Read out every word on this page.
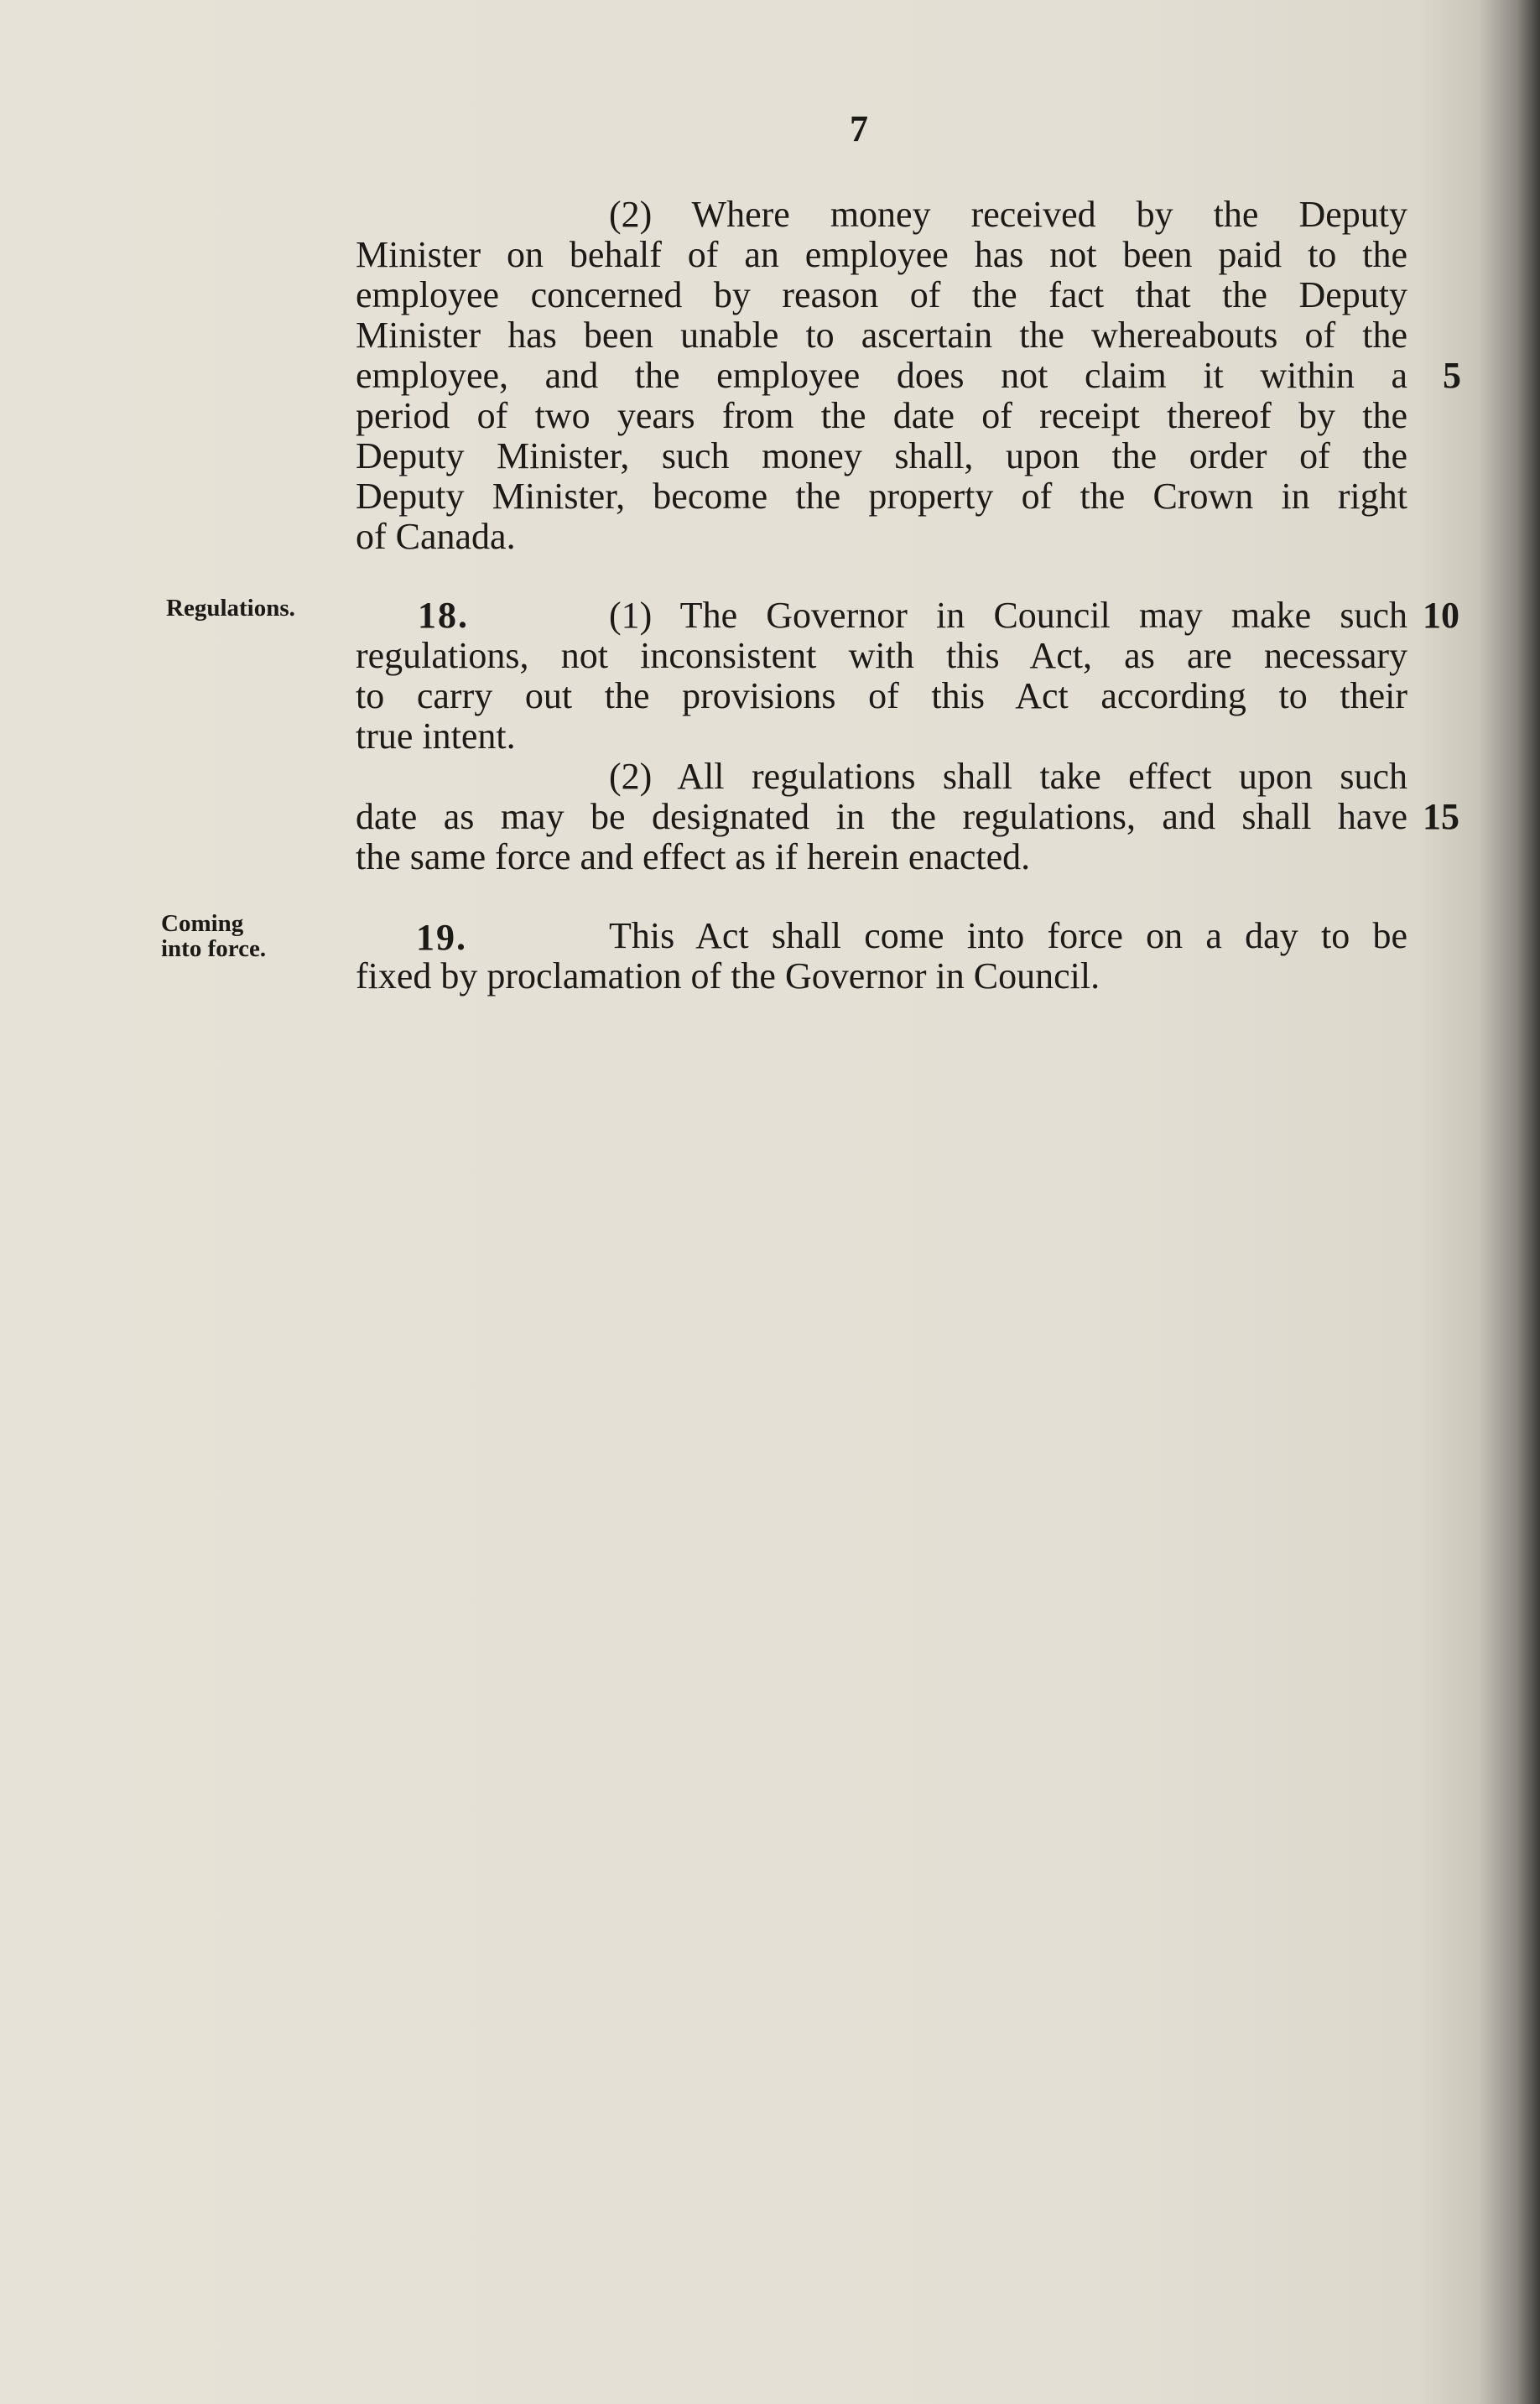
7
(2) Where money received by the Deputy
Minister on behalf of an employee has not been paid to the
employee concerned by reason of the fact that the Deputy
Minister has been unable to ascertain the whereabouts of the
employee, and the employee does not claim it within a
period of two years from the date of receipt thereof by the
Deputy Minister, such money shall, upon the order of the
Deputy Minister, become the property of the Crown in right
of Canada.
Regulations.	18.	(1) The Governor in Council may make such
regulations, not inconsistent with this Act, as are necessary
to carry out the provisions of this Act according to their
true intent.
(2) All regulations shall take effect upon such
date as may be designated in the regulations, and shall have
the same force and effect as if herein enacted.
Coming
into force.	19.	This Act shall come into force on a day to be
fixed by proclamation of the Governor in Council.
5
10
15
